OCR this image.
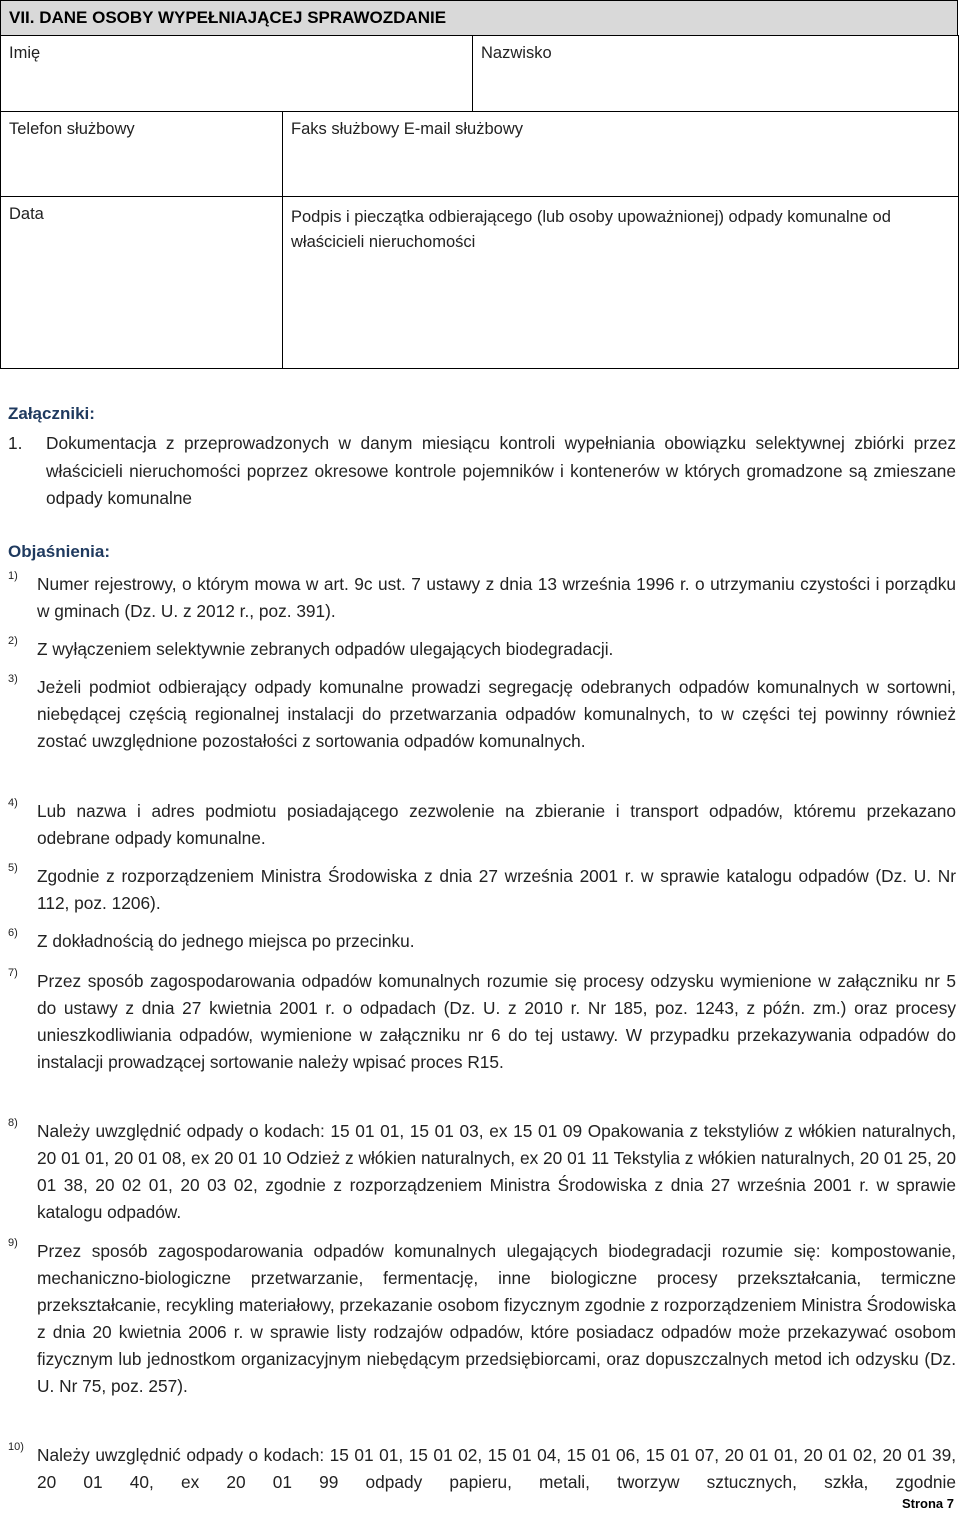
VII. DANE OSOBY WYPEŁNIAJĄCEJ SPRAWOZDANIE
Imię		Nazwisko
Telefon służbowy	Faks służbowy E-mail służbowy	
Data	Podpis i pieczątka odbierającego (lub osoby upoważnionej) odpady komunalne od właścicieli nieruchomości	
Załączniki:
1.	Dokumentacja z przeprowadzonych w danym miesiącu kontroli wypełniania obowiązku selektywnej zbiórki przez właścicieli nieruchomości poprzez okresowe kontrole pojemników i kontenerów w których gromadzone są zmieszane odpady komunalne
Objaśnienia:
1)	Numer rejestrowy, o którym mowa w art. 9c ust. 7 ustawy z dnia 13 września 1996 r. o utrzymaniu czystości i porządku w gminach (Dz. U. z 2012 r., poz. 391).
2)	Z wyłączeniem selektywnie zebranych odpadów ulegających biodegradacji.
3)	Jeżeli podmiot odbierający odpady komunalne prowadzi segregację odebranych odpadów komunalnych w sortowni, niebędącej częścią regionalnej instalacji do przetwarzania odpadów komunalnych, to w części tej powinny również zostać uwzględnione pozostałości z sortowania odpadów komunalnych.
4)	Lub nazwa i adres podmiotu posiadającego zezwolenie na zbieranie i transport odpadów, któremu przekazano odebrane odpady komunalne.
5)	Zgodnie z rozporządzeniem Ministra Środowiska z dnia 27 września 2001 r. w sprawie katalogu odpadów (Dz. U. Nr 112, poz. 1206).
6)	Z dokładnością do jednego miejsca po przecinku.
7)	Przez sposób zagospodarowania odpadów komunalnych rozumie się procesy odzysku wymienione w załączniku nr 5 do ustawy z dnia 27 kwietnia 2001 r. o odpadach (Dz. U. z 2010 r. Nr 185, poz. 1243, z późn. zm.) oraz procesy unieszkodliwiania odpadów, wymienione w załączniku nr 6 do tej ustawy. W przypadku przekazywania odpadów do instalacji prowadzącej sortowanie należy wpisać proces R15.
8)	Należy uwzględnić odpady o kodach: 15 01 01, 15 01 03, ex 15 01 09 Opakowania z tekstyliów z włókien naturalnych, 20 01 01, 20 01 08, ex 20 01 10 Odzież z włókien naturalnych, ex 20 01 11 Tekstylia z włókien naturalnych, 20 01 25, 20 01 38, 20 02 01, 20 03 02, zgodnie z rozporządzeniem Ministra Środowiska z dnia 27 września 2001 r. w sprawie katalogu odpadów.
9)	Przez sposób zagospodarowania odpadów komunalnych ulegających biodegradacji rozumie się: kompostowanie, mechaniczno-biologiczne przetwarzanie, fermentację, inne biologiczne procesy przekształcania, termiczne przekształcanie, recykling materiałowy, przekazanie osobom fizycznym zgodnie z rozporządzeniem Ministra Środowiska z dnia 20 kwietnia 2006 r. w sprawie listy rodzajów odpadów, które posiadacz odpadów może przekazywać osobom fizycznym lub jednostkom organizacyjnym niebędącym przedsiębiorcami, oraz dopuszczalnych metod ich odzysku (Dz. U. Nr 75, poz. 257).
10) Należy uwzględnić odpady o kodach: 15 01 01, 15 01 02, 15 01 04, 15 01 06, 15 01 07, 20 01 01, 20 01 02, 20 01 39, 20 01 40, ex 20 01 99 odpady papieru, metali, tworzyw sztucznych, szkła, zgodnie
Strona 7
